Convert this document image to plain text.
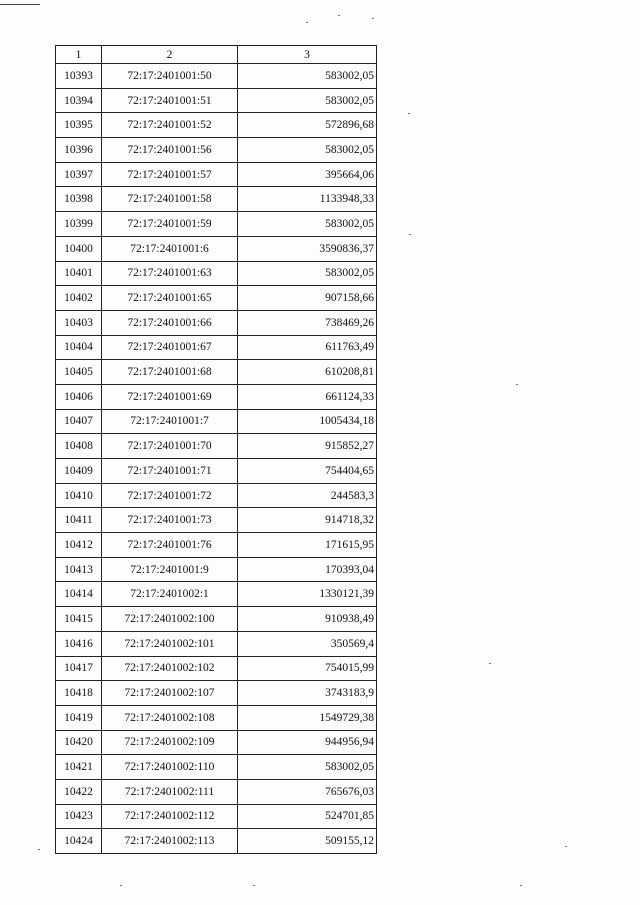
1	2	3
10393	72:17:2401001:50	583002,05
10394	72:17:2401001:51	583002,05
10395	72:17:2401001:52	572896,68
10396	72:17:2401001:56	583002,05
10397	72:17:2401001:57	395664,06
10398	72:17:2401001:58	1133948,33
10399	72:17:2401001:59	583002,05
10400	72:17:2401001:6	3590836,37
10401	72:17:2401001:63	583002,05
10402	72:17:2401001:65	907158,66
10403	72:17:2401001:66	738469,26
10404	72:17:2401001:67	611763,49
10405	72:17:2401001:68	610208,81
10406	72:17:2401001:69	661124,33
10407	72:17:2401001:7	1005434,18
10408	72:17:2401001:70	915852,27
10409	72:17:2401001:71	754404,65
10410	72:17:2401001:72	244583,3
10411	72:17:2401001:73	914718,32
10412	72:17:2401001:76	171615,95
10413	72:17:2401001:9	170393,04
10414	72:17:2401002:1	1330121,39
10415	72:17:2401002:100	910938,49
10416	72:17:2401002:101	350569,4
10417	72:17:2401002:102	754015,99
10418	72:17:2401002:107	3743183,9
10419	72:17:2401002:108	1549729,38
10420	72:17:2401002:109	944956,94
10421	72:17:2401002:110	583002,05
10422	72:17:2401002:111	765676,03
10423	72:17:2401002:112	524701,85
10424	72:17:2401002:113	509155,12
